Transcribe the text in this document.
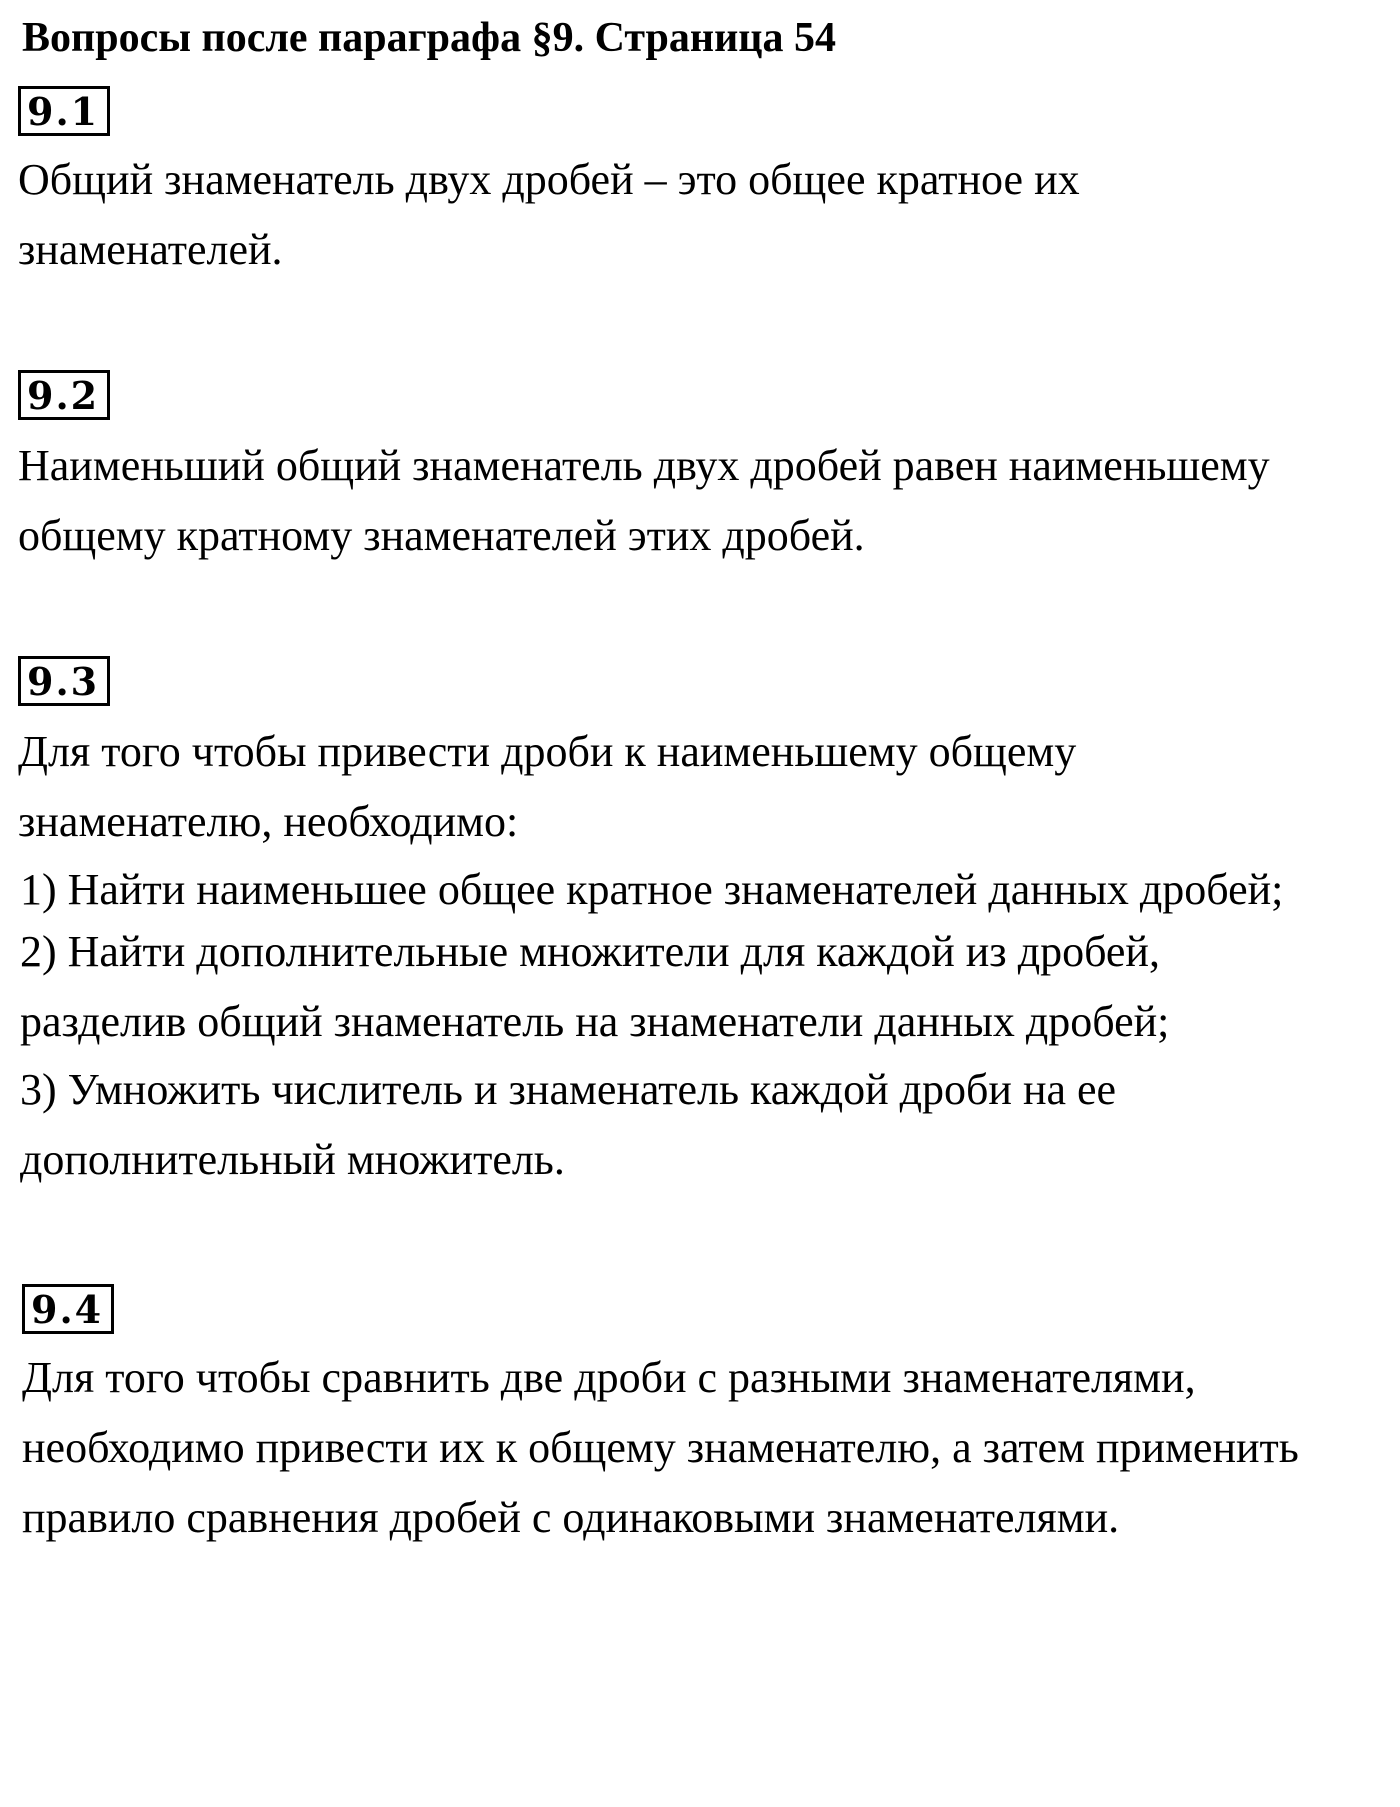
Вопросы после параграфа §9. Страница 54
9.1
Общий знаменатель двух дробей – это общее кратное их
знаменателей.
9.2
Наименьший общий знаменатель двух дробей равен наименьшему
общему кратному знаменателей этих дробей.
9.3
Для того чтобы привести дроби к наименьшему общему
знаменателю, необходимо:
1) Найти наименьшее общее кратное знаменателей данных дробей;
2) Найти дополнительные множители для каждой из дробей,
разделив общий знаменатель на знаменатели данных дробей;
3) Умножить числитель и знаменатель каждой дроби на ее
дополнительный множитель.
9.4
Для того чтобы сравнить две дроби с разными знаменателями,
необходимо привести их к общему знаменателю, а затем применить
правило сравнения дробей с одинаковыми знаменателями.
